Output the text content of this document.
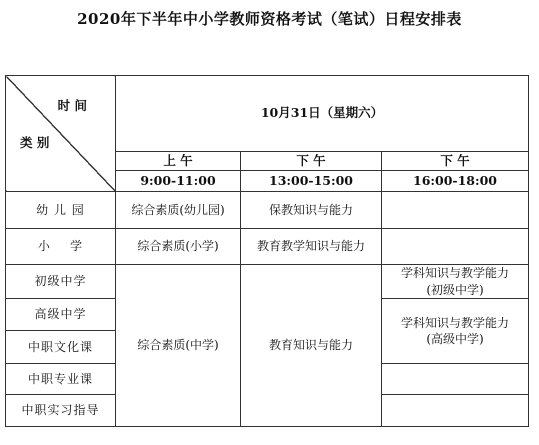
2020年下半年中小学教师资格考试（笔试）日程安排表
时 间
类 别	10月31日（星期六）		
	上 午	下 午	下 午
	9:00-11:00	13:00-15:00	16:00-18:00
幼 儿 园	综合素质(幼儿园)	保教知识与能力	
小    学	综合素质(小学)	教育教学知识与能力	
初级中学	综合素质(中学)	教育知识与能力	学科知识与教学能力
(初级中学)

高级中学			学科知识与教学能力
(高级中学)

中职文化课			
中职专业课			
中职实习指导			
